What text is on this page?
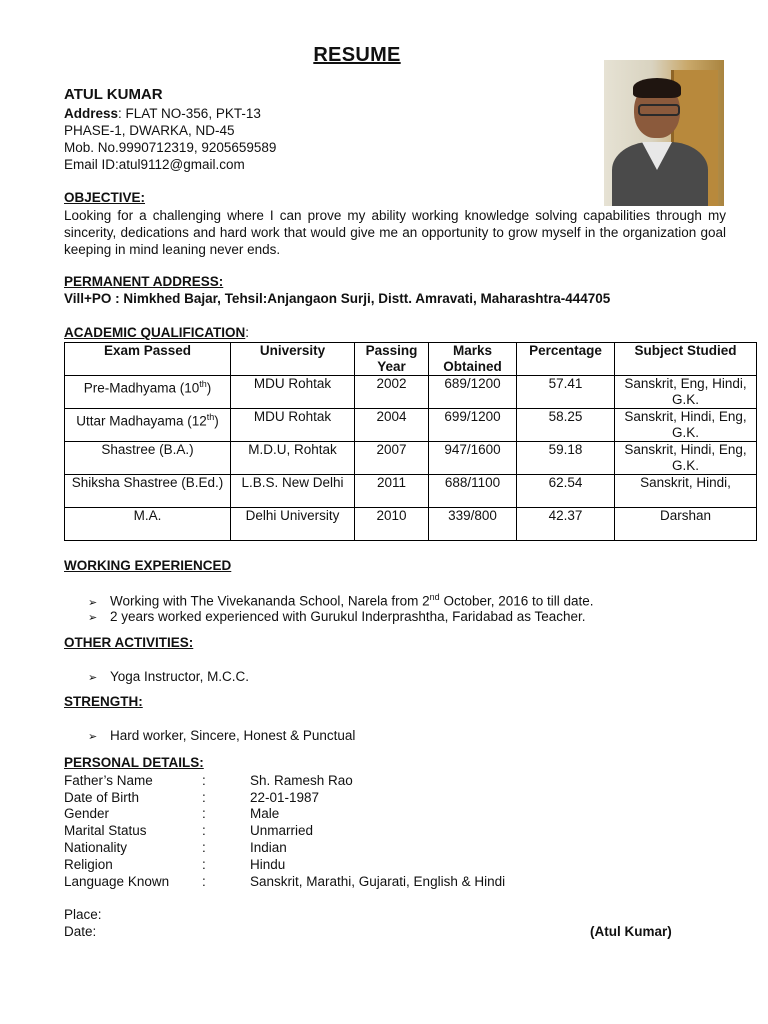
RESUME
ATUL KUMAR
Address: FLAT NO-356, PKT-13
PHASE-1, DWARKA, ND-45
Mob. No.9990712319, 9205659589
Email ID:atul9112@gmail.com
OBJECTIVE:
Looking for a challenging where I can prove my ability working knowledge solving capabilities through my sincerity, dedications and hard work that would give me an opportunity to grow myself in the organization goal keeping in mind leaning never ends.
PERMANENT ADDRESS:
Vill+PO : Nimkhed Bajar, Tehsil:Anjangaon Surji, Distt. Amravati, Maharashtra-444705
ACADEMIC QUALIFICATION:
Exam Passed	University	Passing Year	Marks Obtained	Percentage	Subject Studied
Pre-Madhyama (10th)	MDU Rohtak	2002	689/1200	57.41	Sanskrit, Eng, Hindi, G.K.
Uttar Madhayama (12th)	MDU Rohtak	2004	699/1200	58.25	Sanskrit, Hindi, Eng, G.K.
Shastree (B.A.)	M.D.U, Rohtak	2007	947/1600	59.18	Sanskrit, Hindi, Eng, G.K.
Shiksha Shastree (B.Ed.)	L.B.S. New Delhi	2011	688/1100	62.54	Sanskrit, Hindi,
M.A.	Delhi University	2010	339/800	42.37	Darshan
WORKING EXPERIENCED
➢ Working with The Vivekananda School, Narela from 2nd October, 2016 to till date.
➢ 2 years worked experienced with Gurukul Inderprashtha, Faridabad as Teacher.
OTHER ACTIVITIES:
➢ Yoga Instructor, M.C.C.
STRENGTH:
➢ Hard worker, Sincere, Honest & Punctual
PERSONAL DETAILS:
Father’s Name	:	Sh. Ramesh Rao
Date of Birth	:	22-01-1987
Gender	:	Male
Marital Status	:	Unmarried
Nationality	:	Indian
Religion	:	Hindu
Language Known :	Sanskrit, Marathi, Gujarati, English & Hindi
Place:
Date:	(Atul Kumar)
